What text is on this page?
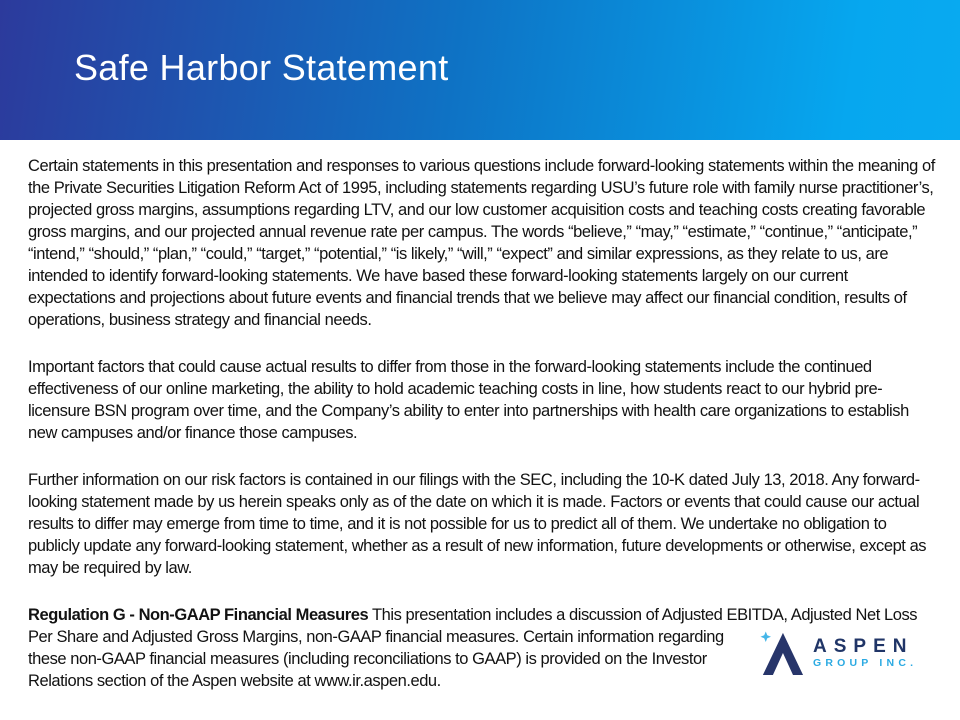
Safe Harbor Statement

Certain statements in this presentation and responses to various questions include forward-looking statements within the meaning of the Private Securities Litigation Reform Act of 1995, including statements regarding USU’s future role with family nurse practitioner’s, projected gross margins, assumptions regarding LTV, and our low customer acquisition costs and teaching costs creating favorable gross margins, and our projected annual revenue rate per campus. The words “believe,” “may,” “estimate,” “continue,” “anticipate,” “intend,” “should,” “plan,” “could,” “target,” “potential,” “is likely,” “will,” “expect” and similar expressions, as they relate to us, are intended to identify forward-looking statements. We have based these forward-looking statements largely on our current expectations and projections about future events and financial trends that we believe may affect our financial condition, results of operations, business strategy and financial needs.

Important factors that could cause actual results to differ from those in the forward-looking statements include the continued effectiveness of our online marketing, the ability to hold academic teaching costs in line, how students react to our hybrid pre-licensure BSN program over time, and the Company’s ability to enter into partnerships with health care organizations to establish new campuses and/or finance those campuses.

Further information on our risk factors is contained in our filings with the SEC, including the 10-K dated July 13, 2018. Any forward-looking statement made by us herein speaks only as of the date on which it is made. Factors or events that could cause our actual results to differ may emerge from time to time, and it is not possible for us to predict all of them. We undertake no obligation to publicly update any forward-looking statement, whether as a result of new information, future developments or otherwise, except as may be required by law.

Regulation G - Non-GAAP Financial Measures This presentation includes a discussion of Adjusted EBITDA, Adjusted
ASPEN
GROUP INC.
Net Loss Per Share and Adjusted Gross Margins, non-GAAP financial measures. Certain information regarding these non-GAAP financial measures (including reconciliations to GAAP) is provided on the Investor Relations section of the Aspen website at www.ir.aspen.edu.
